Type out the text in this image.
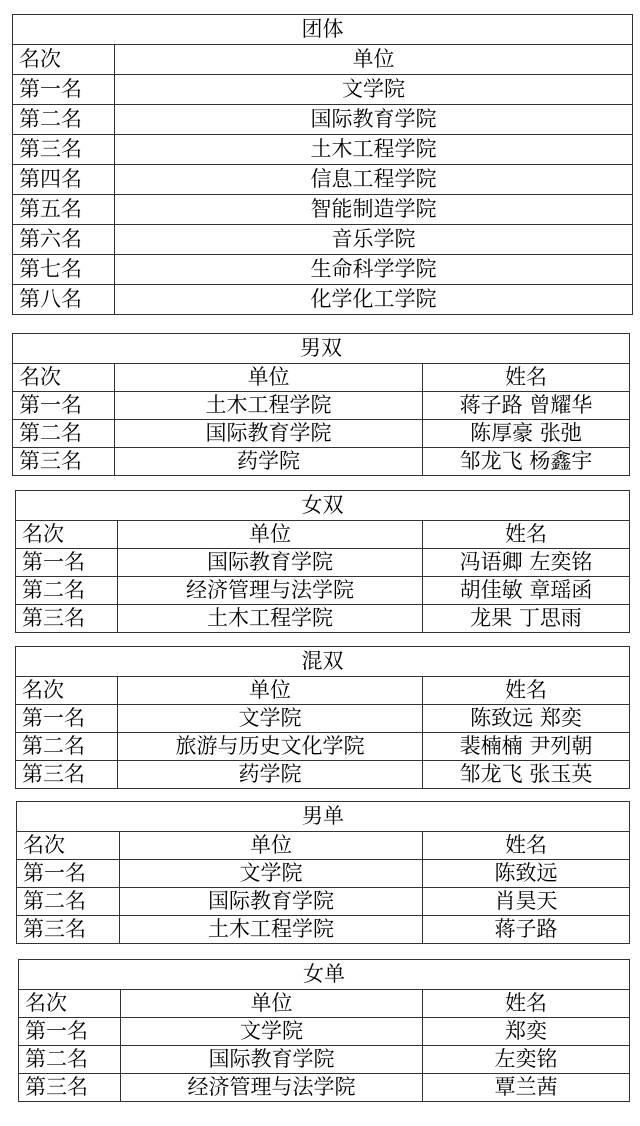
团体	
名次	单位
第一名	文学院
第二名	国际教育学院
第三名	土木工程学院
第四名	信息工程学院
第五名	智能制造学院
第六名	音乐学院
第七名	生命科学学院
第八名	化学化工学院
男双		
名次	单位	姓名
第一名	土木工程学院	蒋子路 曾耀华
第二名	国际教育学院	陈厚豪 张弛
第三名	药学院	邹龙飞 杨鑫宇
女双		
名次	单位	姓名
第一名	国际教育学院	冯语卿 左奕铭
第二名	经济管理与法学院	胡佳敏 章瑶函
第三名	土木工程学院	龙果 丁思雨
混双		
名次	单位	姓名
第一名	文学院	陈致远 郑奕
第二名	旅游与历史文化学院	裴楠楠 尹列朝
第三名	药学院	邹龙飞 张玉英
男单		
名次	单位	姓名
第一名	文学院	陈致远
第二名	国际教育学院	肖昊天
第三名	土木工程学院	蒋子路
女单		
名次	单位	姓名
第一名	文学院	郑奕
第二名	国际教育学院	左奕铭
第三名	经济管理与法学院	覃兰茜
